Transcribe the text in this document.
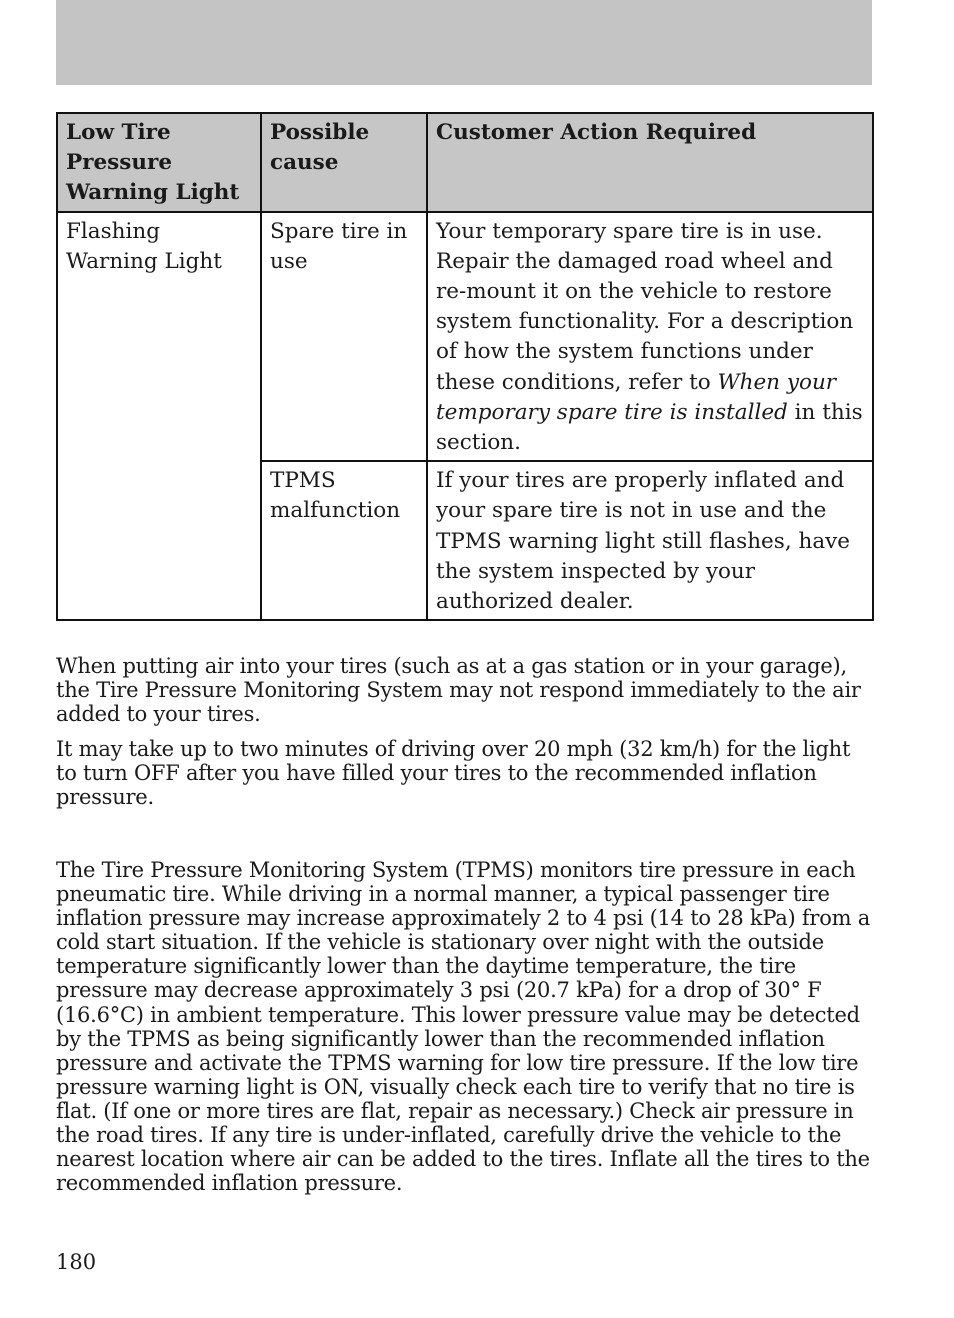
Low Tire Pressure Warning Light	Possible cause	Customer Action Required
Flashing Warning Light	Spare tire in use	Your temporary spare tire is in use. Repair the damaged road wheel and re-mount it on the vehicle to restore system functionality. For a description of how the system functions under these conditions, refer to When your temporary spare tire is installed in this section.
	TPMS malfunction	If your tires are properly inflated and your spare tire is not in use and the TPMS warning light still flashes, have the system inspected by your authorized dealer.

When putting air into your tires (such as at a gas station or in your garage), the Tire Pressure Monitoring System may not respond immediately to the air added to your tires.

It may take up to two minutes of driving over 20 mph (32 km/h) for the light to turn OFF after you have filled your tires to the recommended inflation pressure.

The Tire Pressure Monitoring System (TPMS) monitors tire pressure in each pneumatic tire. While driving in a normal manner, a typical passenger tire inflation pressure may increase approximately 2 to 4 psi (14 to 28 kPa) from a cold start situation. If the vehicle is stationary over night with the outside temperature significantly lower than the daytime temperature, the tire pressure may decrease approximately 3 psi (20.7 kPa) for a drop of 30° F (16.6°C) in ambient temperature. This lower pressure value may be detected by the TPMS as being significantly lower than the recommended inflation pressure and activate the TPMS warning for low tire pressure. If the low tire pressure warning light is ON, visually check each tire to verify that no tire is flat. (If one or more tires are flat, repair as necessary.) Check air pressure in the road tires. If any tire is under-inflated, carefully drive the vehicle to the nearest location where air can be added to the tires. Inflate all the tires to the recommended inflation pressure.

180
